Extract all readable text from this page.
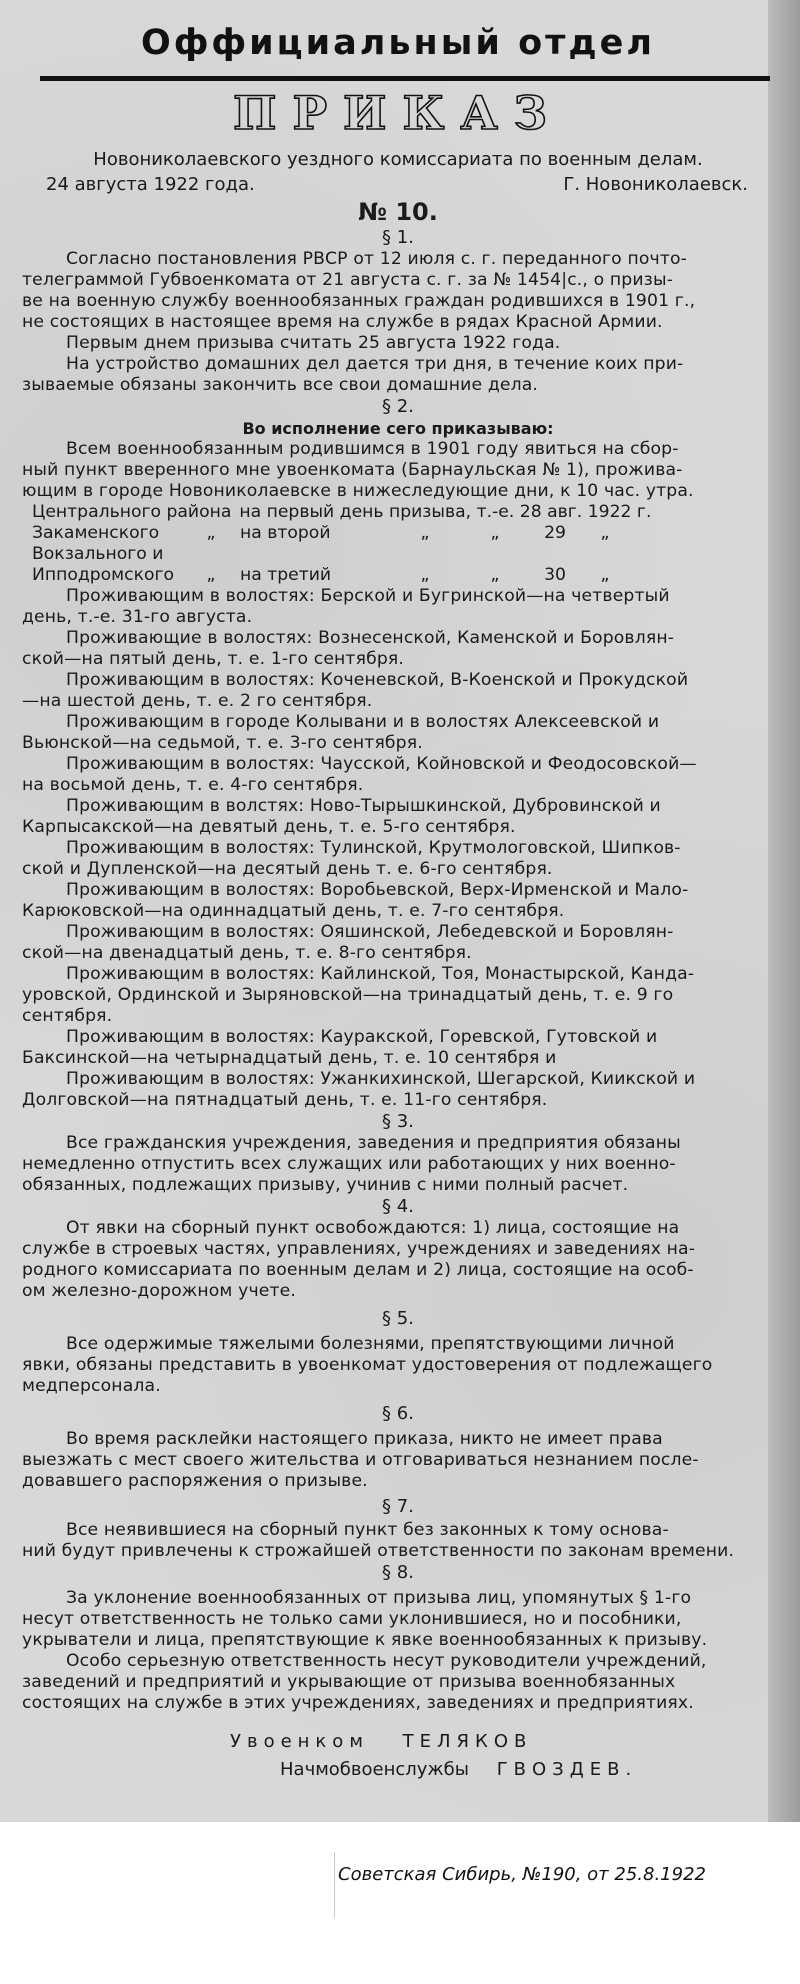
Оффициальный отдел
ПРИКАЗ
Новониколаевского уездного комиссариата по военным делам.
24 августа 1922 года.	Г. Новониколаевск.
№ 10.
§ 1.
Согласно постановления РВСР от 12 июля с. г. переданного почто-
телеграммой Губвоенкомата от 21 августа с. г. за № 1454|с., о призы-
ве на военную службу военнообязанных граждан родившихся в 1901 г.,
не состоящих в настоящее время на службе в рядах Красной Армии.
Первым днем призыва считать 25 августа 1922 года.
На устройство домашних дел дается три дня, в течение коих при-
зываемые обязаны закончить все свои домашние дела.
§ 2.
Во исполнение сего приказываю:
Всем военнообязанным родившимся в 1901 году явиться на сбор-
ный пункт вверенного мне увоенкомата (Барнаульская № 1), прожива-
ющим в городе Новониколаевске в нижеследующие дни, к 10 час. утра.
Центрального района на первый день призыва, т.-е. 28 авг. 1922 г.
Закаменского	„	на второй	„	„	29	„
Вокзального и
Ипподромского	„	на третий	„	„	30	„
Проживающим в волостях: Берской и Бугринской—на четвертый
день, т.-е. 31-го августа.
Проживающие в волостях: Вознесенской, Каменской и Боровлян-
ской—на пятый день, т. е. 1-го сентября.
Проживающим в волостях: Коченевской, В-Коенской и Прокудской
—на шестой день, т. е. 2 го сентября.
Проживающим в городе Колывани и в волостях Алексеевской и
Вьюнской—на седьмой, т. е. 3-го сентября.
Проживающим в волостях: Чаусской, Койновской и Феодосовской—
на восьмой день, т. е. 4-го сентября.
Проживающим в волстях: Ново-Тырышкинской, Дубровинской и
Карпысакской—на девятый день, т. е. 5-го сентября.
Проживающим в волостях: Тулинской, Крутмологовской, Шипков-
ской и Дупленской—на десятый день т. е. 6-го сентября.
Проживающим в волостях: Воробьевской, Верх-Ирменской и Мало-
Карюковской—на одиннадцатый день, т. е. 7-го сентября.
Проживающим в волостях: Ояшинской, Лебедевской и Боровлян-
ской—на двенадцатый день, т. е. 8-го сентября.
Проживающим в волостях: Кайлинской, Тоя, Монастырской, Канда-
уровской, Ординской и Зыряновской—на тринадцатый день, т. е. 9 го
сентября.
Проживающим в волостях: Кауракской, Горевской, Гутовской и
Баксинской—на четырнадцатый день, т. е. 10 сентября и
Проживающим в волостях: Ужанкихинской, Шегарской, Киикской и
Долговской—на пятнадцатый день, т. е. 11-го сентября.
§ 3.
Все гражданския учреждения, заведения и предприятия обязаны
немедленно отпустить всех служащих или работающих у них военно-
обязанных, подлежащих призыву, учинив с ними полный расчет.
§ 4.
От явки на сборный пункт освобождаются: 1) лица, состоящие на
службе в строевых частях, управлениях, учреждениях и заведениях на-
родного комиссариата по военным делам и 2) лица, состоящие на особ-
ом железно-дорожном учете.
§ 5.
Все одержимые тяжелыми болезнями, препятствующими личной
явки, обязаны представить в увоенкомат удостоверения от подлежащего
медперсонала.
§ 6.
Во время расклейки настоящего приказа, никто не имеет права
выезжать с мест своего жительства и отговариваться незнанием после-
довавшего распоряжения о призыве.
§ 7.
Все неявившиеся на сборный пункт без законных к тому основа-
ний будут привлечены к строжайшей ответственности по законам времени.
§ 8.
За уклонение военнообязанных от призыва лиц, упомянутых § 1-го
несут ответственность не только сами уклонившиеся, но и пособники,
укрыватели и лица, препятствующие к явке военнообязанных к призыву.
Особо серьезную ответственность несут руководители учреждений,
заведений и предприятий и укрывающие от призыва военнобязанных
состоящих на службе в этих учреждениях, заведениях и предприятиях.
Увоенком ТЕЛЯКОВ
Начмобвоенслужбы ГВОЗДЕВ.
Советская Сибирь, №190, от 25.8.1922
